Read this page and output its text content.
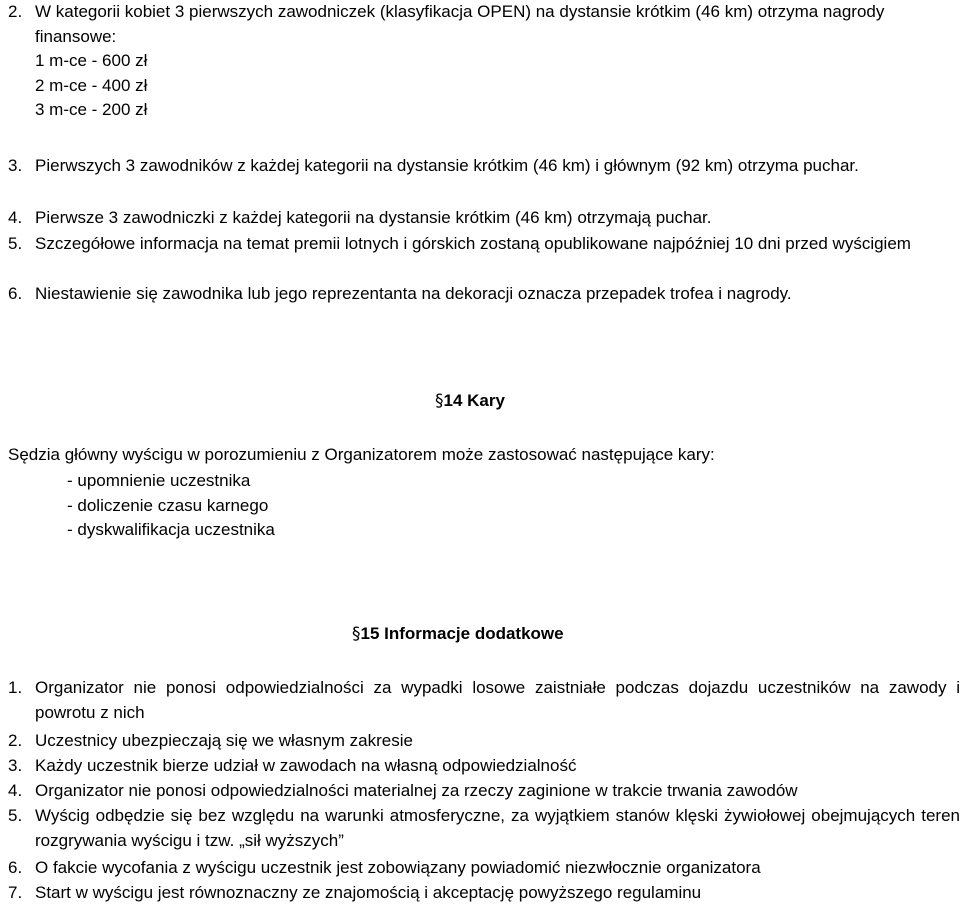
2. W kategorii kobiet 3 pierwszych zawodniczek (klasyfikacja OPEN) na dystansie krótkim (46 km) otrzyma nagrody finansowe:
1 m-ce - 600 zł
2 m-ce - 400 zł
3 m-ce - 200 zł
3. Pierwszych 3 zawodników z każdej kategorii na dystansie krótkim (46 km) i głównym (92 km) otrzyma puchar.
4. Pierwsze 3 zawodniczki z każdej kategorii na dystansie krótkim (46 km) otrzymają puchar.
5. Szczegółowe informacja na temat premii lotnych i górskich zostaną opublikowane najpóźniej 10 dni przed wyścigiem
6. Niestawienie się zawodnika lub jego reprezentanta na dekoracji oznacza przepadek trofea i nagrody.
§14 Kary

Sędzia główny wyścigu w porozumieniu z Organizatorem może zastosować następujące kary:

- upomnienie uczestnika
- doliczenie czasu karnego
- dyskwalifikacja uczestnika
§15 Informacje dodatkowe
1. Organizator nie ponosi odpowiedzialności za wypadki losowe zaistniałe podczas dojazdu uczestników na zawody i powrotu z nich
2. Uczestnicy ubezpieczają się we własnym zakresie
3. Każdy uczestnik bierze udział w zawodach na własną odpowiedzialność
4. Organizator nie ponosi odpowiedzialności materialnej za rzeczy zaginione w trakcie trwania zawodów
5. Wyścig odbędzie się bez względu na warunki atmosferyczne, za wyjątkiem stanów klęski żywiołowej obejmujących teren rozgrywania wyścigu i tzw. „sił wyższych”
6. O fakcie wycofania z wyścigu uczestnik jest zobowiązany powiadomić niezwłocznie organizatora
7. Start w wyścigu jest równoznaczny ze znajomością i akceptację powyższego regulaminu
